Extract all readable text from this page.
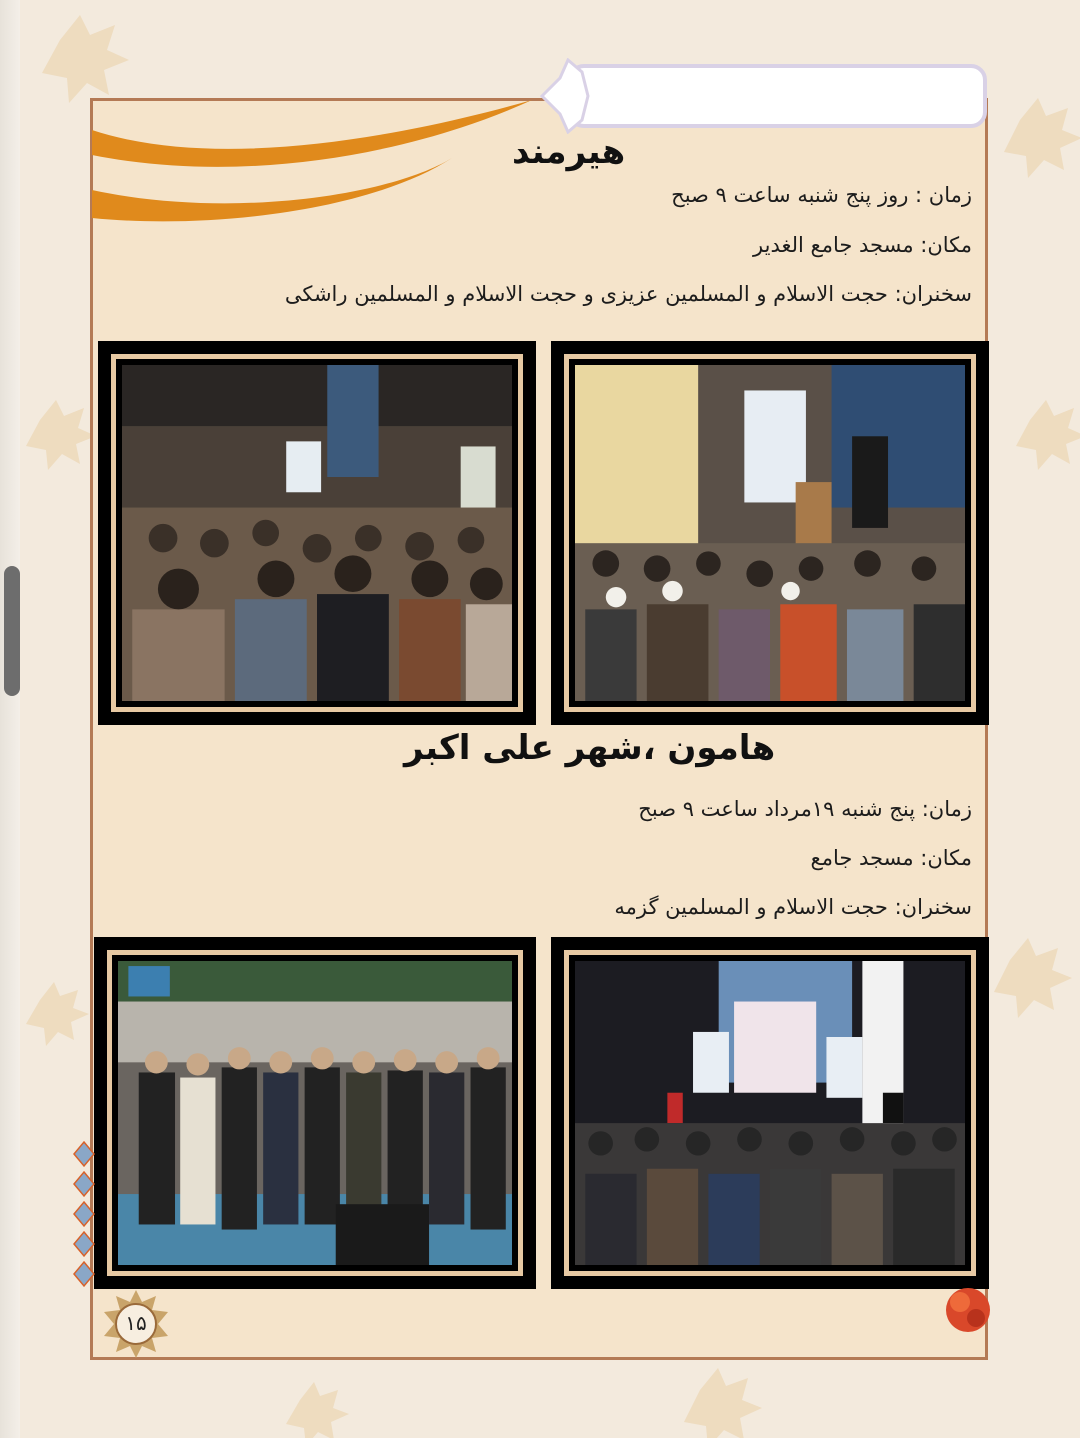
هیرمند
زمان : روز پنج شنبه ساعت ۹ صبح
مکان: مسجد جامع الغدیر
سخنران: حجت الاسلام و المسلمین عزیزی و حجت الاسلام و المسلمین راشکی
هامون ،شهر علی اکبر
زمان: پنج شنبه ۱۹مرداد ساعت ۹ صبح
مکان: مسجد جامع
سخنران: حجت الاسلام و المسلمین گزمه
۱۵
